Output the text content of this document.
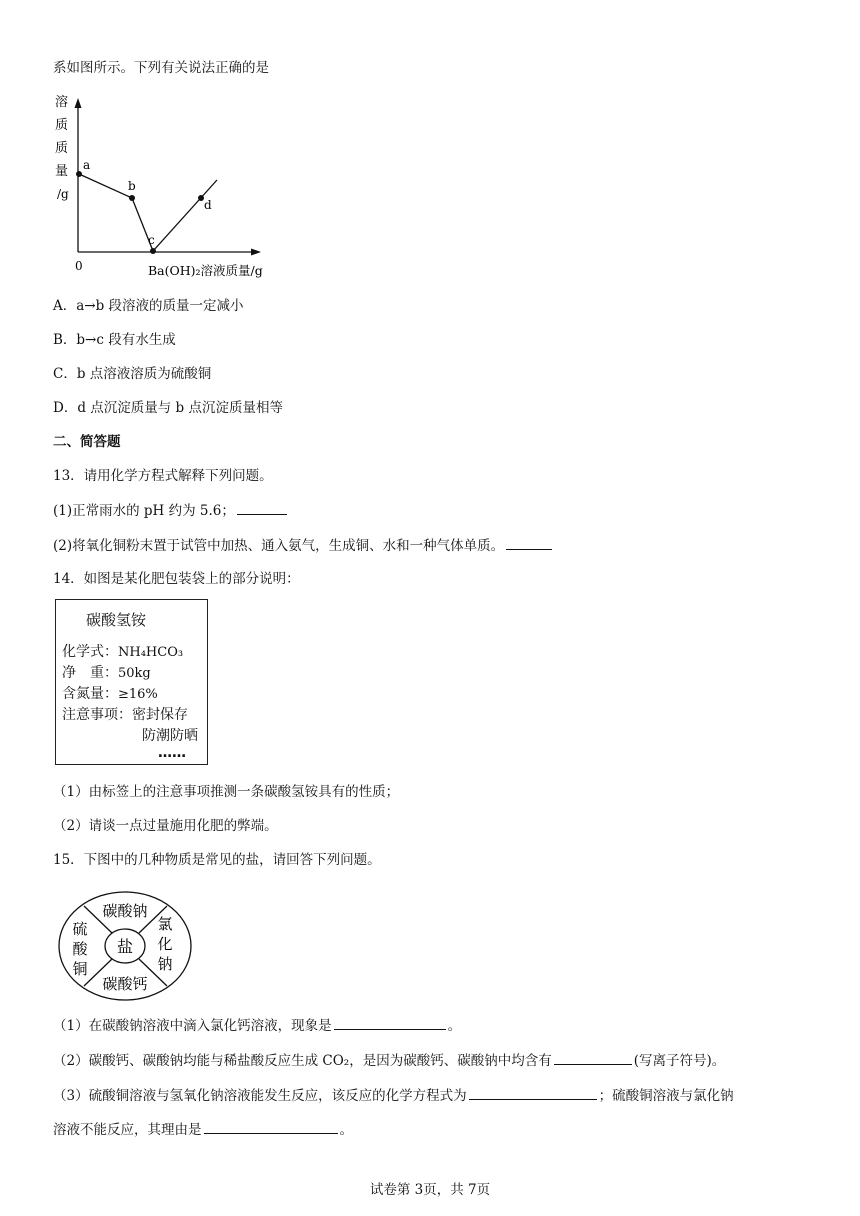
系如图所示。下列有关说法正确的是
溶
质
质
量
/g
a
b
c
d
0	Ba(OH)₂溶液质量/g
A．a→b 段溶液的质量一定减小
B．b→c 段有水生成
C．b 点溶液溶质为硫酸铜
D．d 点沉淀质量与 b 点沉淀质量相等
二、简答题
13．请用化学方程式解释下列问题。
(1)正常雨水的 pH 约为 5.6；
(2)将氧化铜粉末置于试管中加热、通入氨气，生成铜、水和一种气体单质。
14．如图是某化肥包装袋上的部分说明：
碳酸氢铵
化学式：NH₄HCO₃
净　重：50kg
含氮量：≥16%
注意事项：密封保存
防潮防晒
……
（1）由标签上的注意事项推测一条碳酸氢铵具有的性质；
（2）请谈一点过量施用化肥的弊端。
15．下图中的几种物质是常见的盐，请回答下列问题。
盐
碳酸钠
碳酸钙
氯
化
钠
硫
酸
铜
（1）在碳酸钠溶液中滴入氯化钙溶液，现象是	。
（2）碳酸钙、碳酸钠均能与稀盐酸反应生成 CO₂，是因为碳酸钙、碳酸钠中均含有	(写离子符号)。
（3）硫酸铜溶液与氢氧化钠溶液能发生反应，该反应的化学方程式为	；硫酸铜溶液与氯化钠
溶液不能反应，其理由是	。
试卷第 3页，共 7页
